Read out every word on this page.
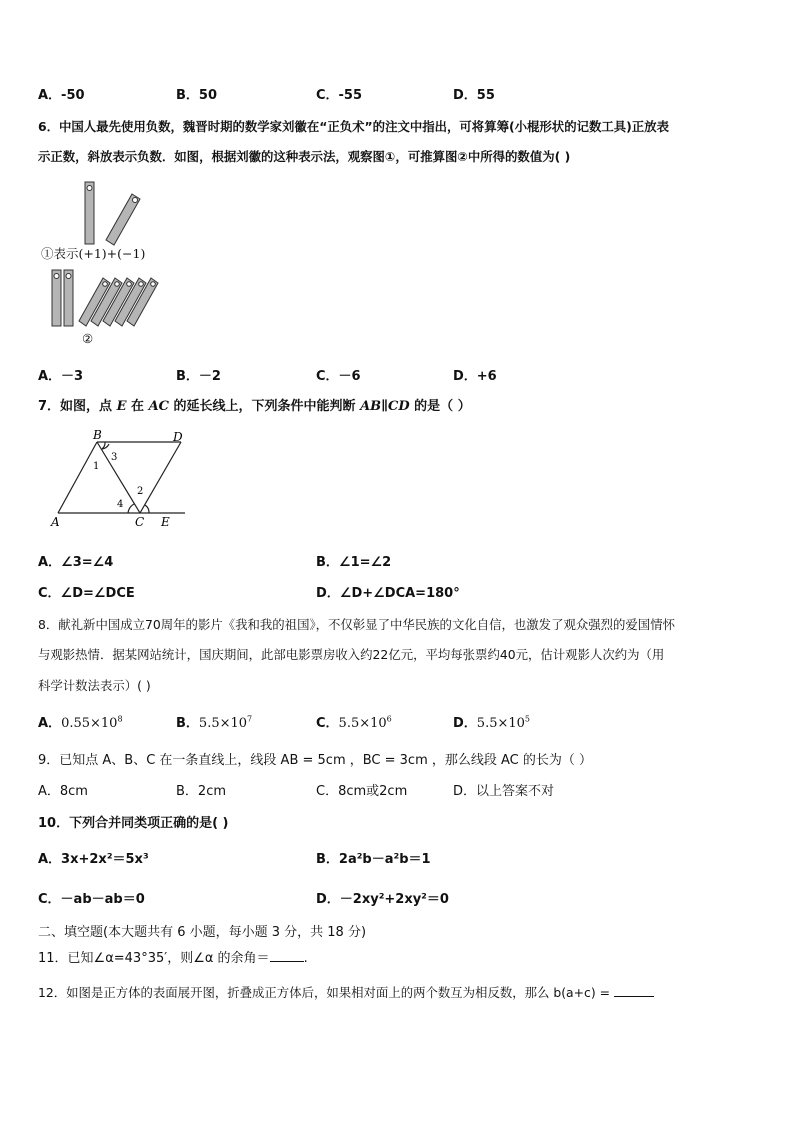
A．-50	B．50	C．-55	D．55
6．中国人最先使用负数，魏晋时期的数学家刘徽在“正负术”的注文中指出，可将算筹(小棍形状的记数工具)正放表
示正数，斜放表示负数．如图，根据刘徽的这种表示法，观察图①，可推算图②中所得的数值为( )
①表示(+1)+(−1)
②
A．－3	B．－2	C．－6	D．+6
7．如图，点 E 在 AC 的延长线上，下列条件中能判断 AB∥CD 的是（ ）
B	D
A	C E
1
3
2
4
A．∠3=∠4	B．∠1=∠2
C．∠D=∠DCE	D．∠D+∠DCA=180°
8．献礼新中国成立70周年的影片《我和我的祖国》，不仅彰显了中华民族的文化自信，也激发了观众强烈的爱国情怀
与观影热情．据某网站统计，国庆期间，此部电影票房收入约22亿元，平均每张票约40元，估计观影人次约为（用
科学计数法表示）( )
A．$0.55\times 10^8$	B．$5.5\times 10^7$	C．$5.5\times 10^6$	D．$5.5\times 10^5$
9．已知点 A、B、C 在一条直线上，线段 AB = 5cm ，BC = 3cm ，那么线段 AC 的长为（ ）
A．8cm	B．2cm	C．8cm或2cm	D．以上答案不对
10．下列合并同类项正确的是( )
A．3x+2x²＝5x³	B．2a²b－a²b＝1
C．－ab－ab＝0	D．－2xy²+2xy²＝0
二、填空题(本大题共有 6 小题，每小题 3 分，共 18 分)
11．已知∠α=43°35′，则∠α 的余角＝	.
12．如图是正方体的表面展开图，折叠成正方体后，如果相对面上的两个数互为相反数，那么 b(a+c) =
